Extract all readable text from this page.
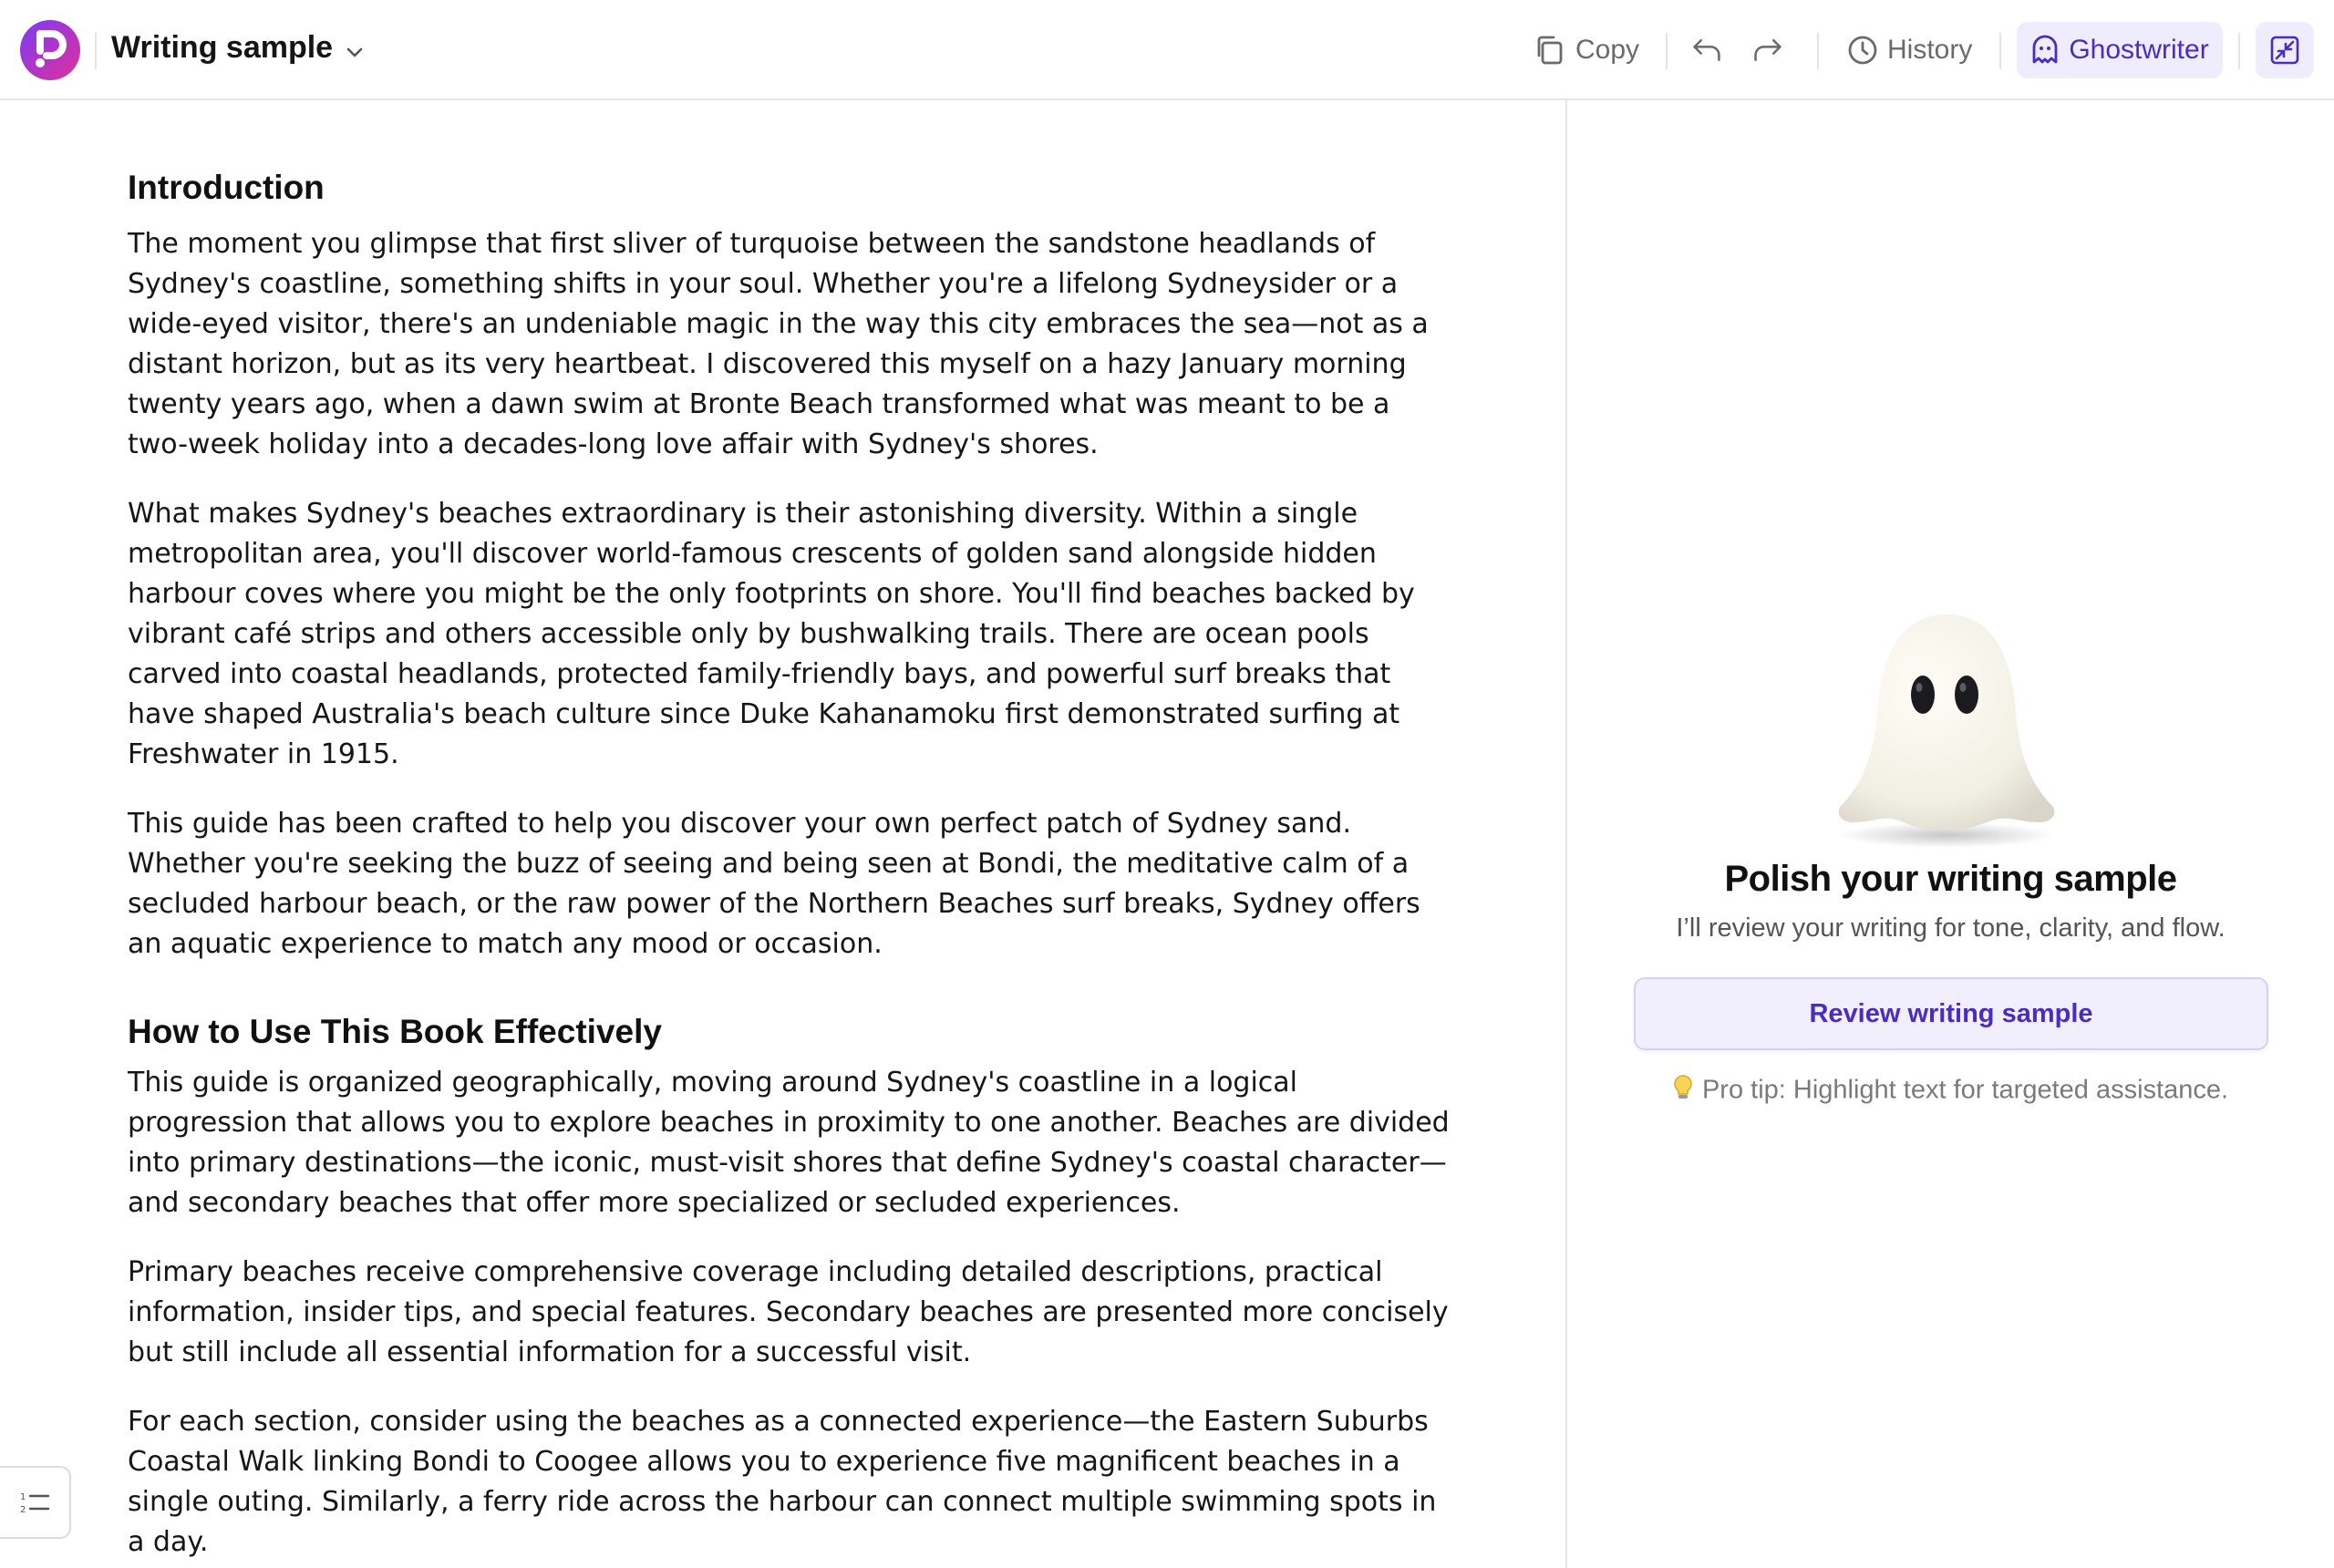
Writing sample	Copy	History	Ghostwriter
Introduction

The moment you glimpse that first sliver of turquoise between the sandstone headlands of Sydney's coastline, something shifts in your soul. Whether you're a lifelong Sydneysider or a wide-eyed visitor, there's an undeniable magic in the way this city embraces the sea—not as a distant horizon, but as its very heartbeat. I discovered this myself on a hazy January morning twenty years ago, when a dawn swim at Bronte Beach transformed what was meant to be a two-week holiday into a decades-long love affair with Sydney's shores.

What makes Sydney's beaches extraordinary is their astonishing diversity. Within a single metropolitan area, you'll discover world-famous crescents of golden sand alongside hidden harbour coves where you might be the only footprints on shore. You'll find beaches backed by vibrant café strips and others accessible only by bushwalking trails. There are ocean pools carved into coastal headlands, protected family-friendly bays, and powerful surf breaks that have shaped Australia's beach culture since Duke Kahanamoku first demonstrated surfing at Freshwater in 1915.

This guide has been crafted to help you discover your own perfect patch of Sydney sand. Whether you're seeking the buzz of seeing and being seen at Bondi, the meditative calm of a secluded harbour beach, or the raw power of the Northern Beaches surf breaks, Sydney offers an aquatic experience to match any mood or occasion.

How to Use This Book Effectively

This guide is organized geographically, moving around Sydney's coastline in a logical progression that allows you to explore beaches in proximity to one another. Beaches are divided into primary destinations—the iconic, must-visit shores that define Sydney's coastal character—and secondary beaches that offer more specialized or secluded experiences.

Primary beaches receive comprehensive coverage including detailed descriptions, practical information, insider tips, and special features. Secondary beaches are presented more concisely but still include all essential information for a successful visit.

For each section, consider using the beaches as a connected experience—the Eastern Suburbs Coastal Walk linking Bondi to Coogee allows you to experience five magnificent beaches in a single outing. Similarly, a ferry ride across the harbour can connect multiple swimming spots in a day.

1
2
Polish your writing sample
I’ll review your writing for tone, clarity, and flow.
Review writing sample
Pro tip: Highlight text for targeted assistance.
